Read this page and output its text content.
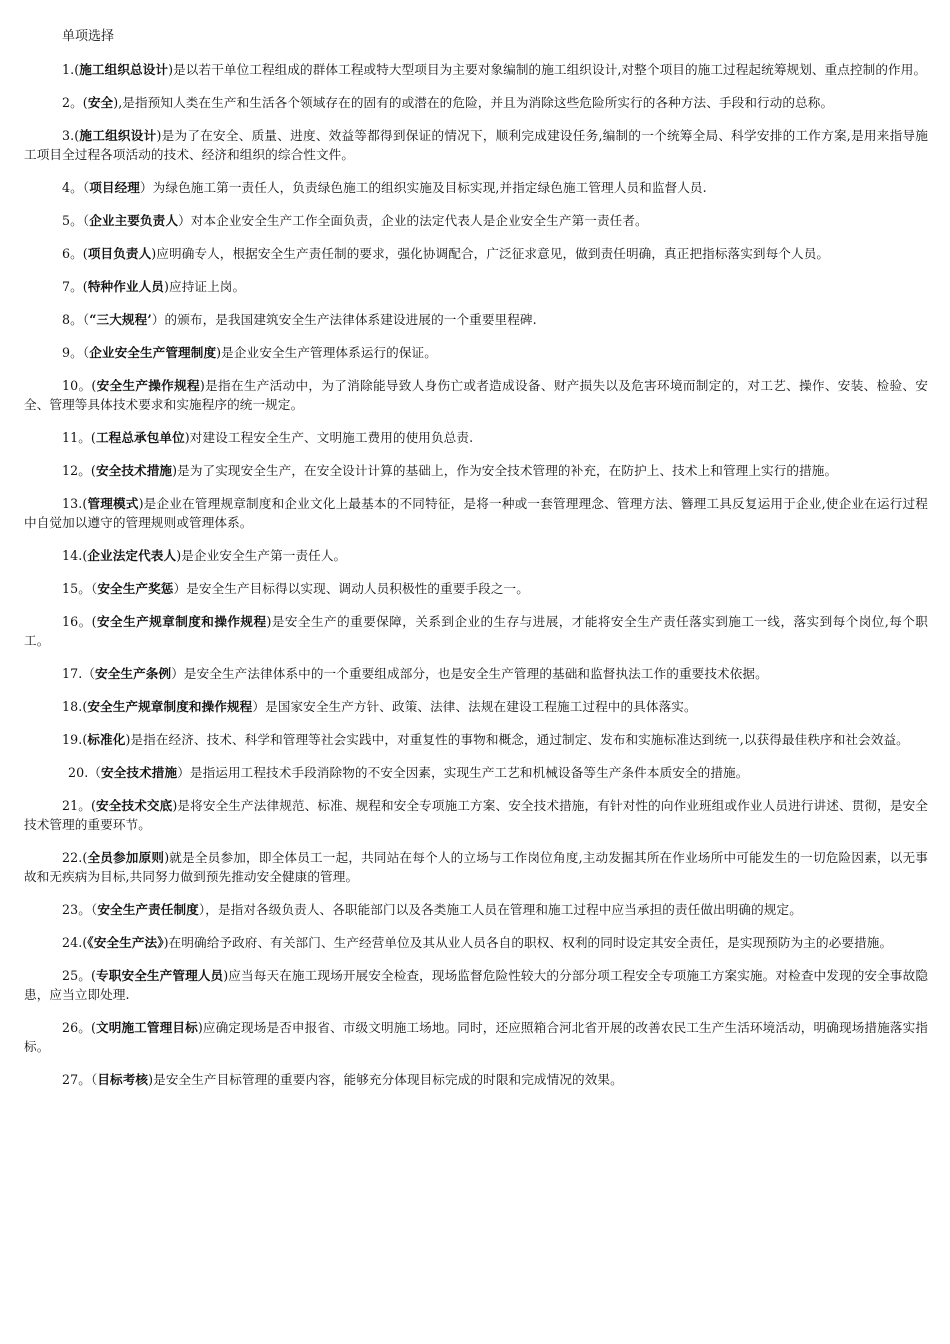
单项选择

1.(施工组织总设计)是以若干单位工程组成的群体工程或特大型项目为主要对象编制的施工组织设计,对整个项目的施工过程起统筹规划、重点控制的作用。

2。(安全),是指预知人类在生产和生活各个领域存在的固有的或潜在的危险，并且为消除这些危险所实行的各种方法、手段和行动的总称。

3.(施工组织设计)是为了在安全、质量、进度、效益等都得到保证的情况下，顺利完成建设任务,编制的一个统筹全局、科学安排的工作方案,是用来指导施工项目全过程各项活动的技术、经济和组织的综合性文件。

4。（项目经理）为绿色施工第一责任人，负责绿色施工的组织实施及目标实现,并指定绿色施工管理人员和监督人员.

5。（企业主要负责人）对本企业安全生产工作全面负责，企业的法定代表人是企业安全生产第一责任者。

6。(项目负责人)应明确专人，根据安全生产责任制的要求，强化协调配合，广泛征求意见，做到责任明确，真正把指标落实到每个人员。

7。(特种作业人员)应持证上岗。

8。（“三大规程’）的颁布，是我国建筑安全生产法律体系建设进展的一个重要里程碑.

9。（企业安全生产管理制度)是企业安全生产管理体系运行的保证。

10。(安全生产操作规程)是指在生产活动中，为了消除能导致人身伤亡或者造成设备、财产损失以及危害环境而制定的，对工艺、操作、安装、检验、安全、管理等具体技术要求和实施程序的统一规定。

11。(工程总承包单位)对建设工程安全生产、文明施工费用的使用负总责.

12。(安全技术措施)是为了实现安全生产，在安全设计计算的基础上，作为安全技术管理的补充，在防护上、技术上和管理上实行的措施。

13.(管理模式)是企业在管理规章制度和企业文化上最基本的不同特征，是将一种或一套管理理念、管理方法、簪理工具反复运用于企业,使企业在运行过程中自觉加以遵守的管理规则或管理体系。

14.(企业法定代表人)是企业安全生产第一责任人。

15。（安全生产奖惩）是安全生产目标得以实现、调动人员积极性的重要手段之一。

16。(安全生产规章制度和操作规程)是安全生产的重要保障，关系到企业的生存与进展，才能将安全生产责任落实到施工一线，落实到每个岗位,每个职工。

17.（安全生产条例）是安全生产法律体系中的一个重要组成部分，也是安全生产管理的基础和监督执法工作的重要技术依据。

18.(安全生产规章制度和操作规程）是国家安全生产方针、政策、法律、法规在建设工程施工过程中的具体落实。

19.(标准化)是指在经济、技术、科学和管理等社会实践中，对重复性的事物和概念，通过制定、发布和实施标准达到统一,以获得最佳秩序和社会效益。

20.（安全技术措施）是指运用工程技术手段消除物的不安全因素，实现生产工艺和机械设备等生产条件本质安全的措施。

21。(安全技术交底)是将安全生产法律规范、标准、规程和安全专项施工方案、安全技术措施，有针对性的向作业班组或作业人员进行讲述、贯彻，是安全技术管理的重要环节。

22.(全员参加原则)就是全员参加，即全体员工一起，共同站在每个人的立场与工作岗位角度,主动发掘其所在作业场所中可能发生的一切危险因素，以无事故和无疾病为目标,共同努力做到预先推动安全健康的管理。

23。（安全生产责任制度），是指对各级负责人、各职能部门以及各类施工人员在管理和施工过程中应当承担的责任做出明确的规定。

24.(《安全生产法》)在明确给予政府、有关部门、生产经营单位及其从业人员各自的职权、权利的同时设定其安全责任，是实现预防为主的必要措施。

25。(专职安全生产管理人员)应当每天在施工现场开展安全检查，现场监督危险性较大的分部分项工程安全专项施工方案实施。对检查中发现的安全事故隐患，应当立即处理.

26。(文明施工管理目标)应确定现场是否申报省、市级文明施工场地。同时，还应照箱合河北省开展的改善农民工生产生活环境活动，明确现场措施落实指标。

27。（目标考核)是安全生产目标管理的重要内容，能够充分体现目标完成的时限和完成情况的效果。
